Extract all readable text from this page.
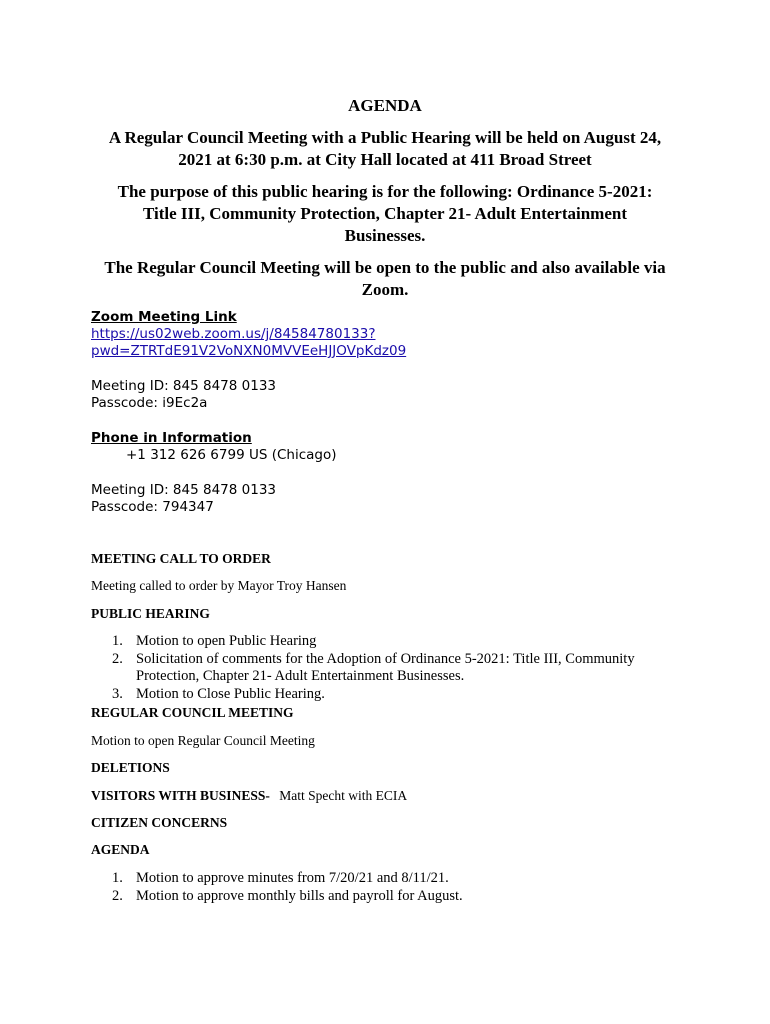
AGENDA
A Regular Council Meeting with a Public Hearing will be held on August 24,
2021 at 6:30 p.m. at City Hall located at 411 Broad Street
The purpose of this public hearing is for the following: Ordinance 5-2021:
Title III, Community Protection, Chapter 21- Adult Entertainment
Businesses.
The Regular Council Meeting will be open to the public and also available via
Zoom.
Zoom Meeting Link
https://us02web.zoom.us/j/84584780133?
pwd=ZTRTdE91V2VoNXN0MVVEeHJJOVpKdz09
Meeting ID: 845 8478 0133
Passcode: i9Ec2a
Phone in Information
+1 312 626 6799 US (Chicago)
Meeting ID: 845 8478 0133
Passcode: 794347
MEETING CALL TO ORDER
Meeting called to order by Mayor Troy Hansen
PUBLIC HEARING
1. Motion to open Public Hearing
2. Solicitation of comments for the Adoption of Ordinance 5-2021: Title III, Community Protection, Chapter 21- Adult Entertainment Businesses.
3. Motion to Close Public Hearing.
REGULAR COUNCIL MEETING
Motion to open Regular Council Meeting
DELETIONS
VISITORS WITH BUSINESS- Matt Specht with ECIA
CITIZEN CONCERNS
AGENDA
1. Motion to approve minutes from 7/20/21 and 8/11/21.
2. Motion to approve monthly bills and payroll for August.
